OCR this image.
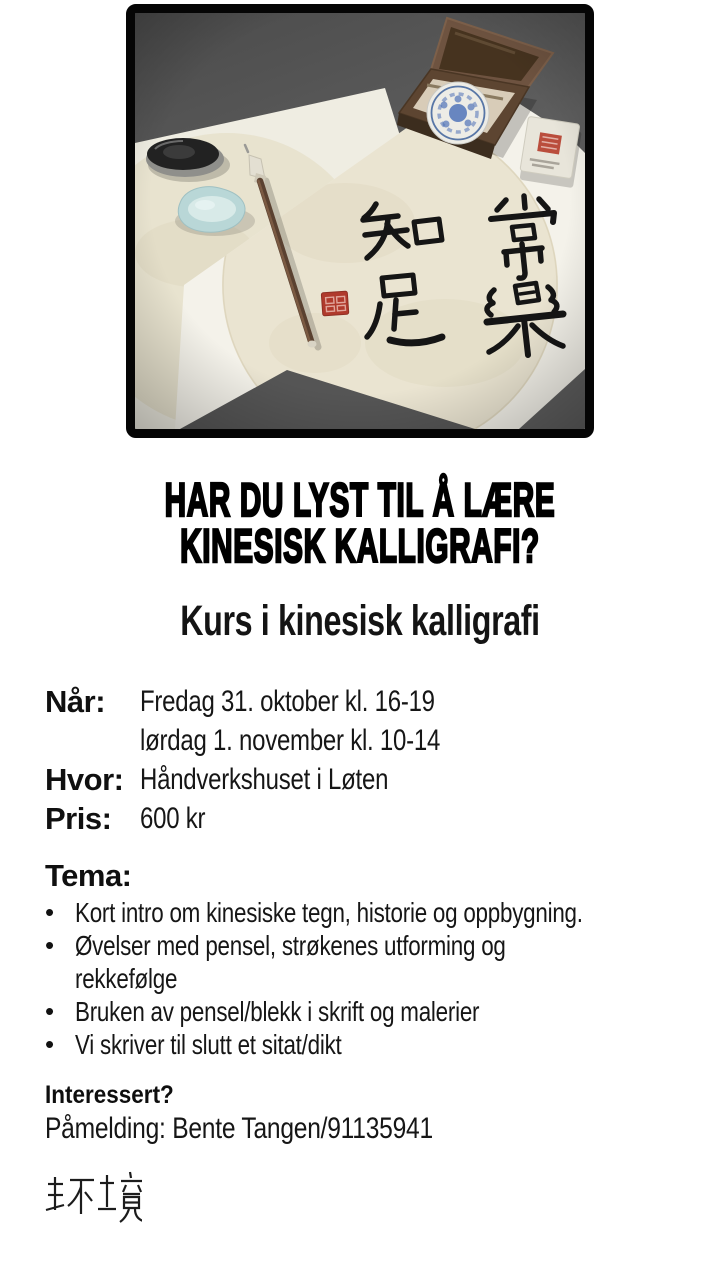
HAR DU LYST TIL Å LÆRE
KINESISK KALLIGRAFI?
Kurs i kinesisk kalligrafi
Når:	Fredag 31. oktober kl. 16-19
lørdag 1. november kl. 10-14
Hvor: Håndverkshuset i Løten
Pris: 600 kr
Tema:
• Kort intro om kinesiske tegn, historie og oppbygning.
• Øvelser med pensel, strøkenes utforming og
rekkefølge
• Bruken av pensel/blekk i skrift og malerier
• Vi skriver til slutt et sitat/dikt
Interessert?
Påmelding: Bente Tangen/91135941
